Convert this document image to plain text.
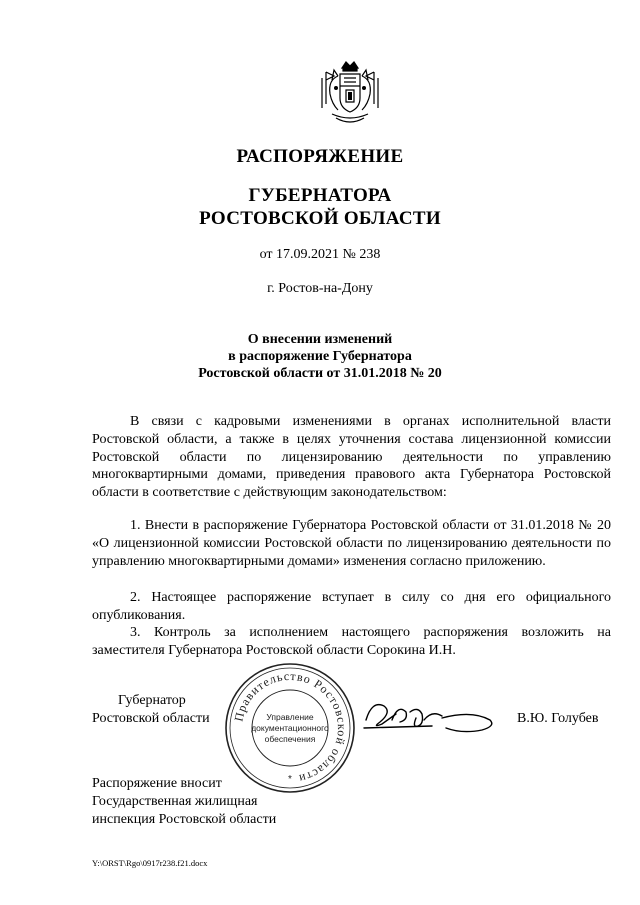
РАСПОРЯЖЕНИЕ
ГУБЕРНАТОРА
РОСТОВСКОЙ ОБЛАСТИ
от 17.09.2021 № 238
г. Ростов-на-Дону
О внесении изменений
в распоряжение Губернатора
Ростовской области от 31.01.2018 № 20
В связи с кадровыми изменениями в органах исполнительной власти Ростовской области, а также в целях уточнения состава лицензионной комиссии Ростовской области по лицензированию деятельности по управлению многоквартирными домами, приведения правового акта Губернатора Ростовской области в соответствие с действующим законодательством:
1. Внести в распоряжение Губернатора Ростовской области от 31.01.2018 № 20 «О лицензионной комиссии Ростовской области по лицензированию деятельности по управлению многоквартирными домами» изменения согласно приложению.
2. Настоящее распоряжение вступает в силу со дня его официального опубликования.
3. Контроль за исполнением настоящего распоряжения возложить на заместителя Губернатора Ростовской области Сорокина И.Н.
Губернатор
Ростовской области	В.Ю. Голубев
Правительство Ростовской области
Управление
документационного
обеспечения
*
Распоряжение вносит
Государственная жилищная
инспекция Ростовской области
Y:\ORST\Rgo\0917r238.f21.docx
